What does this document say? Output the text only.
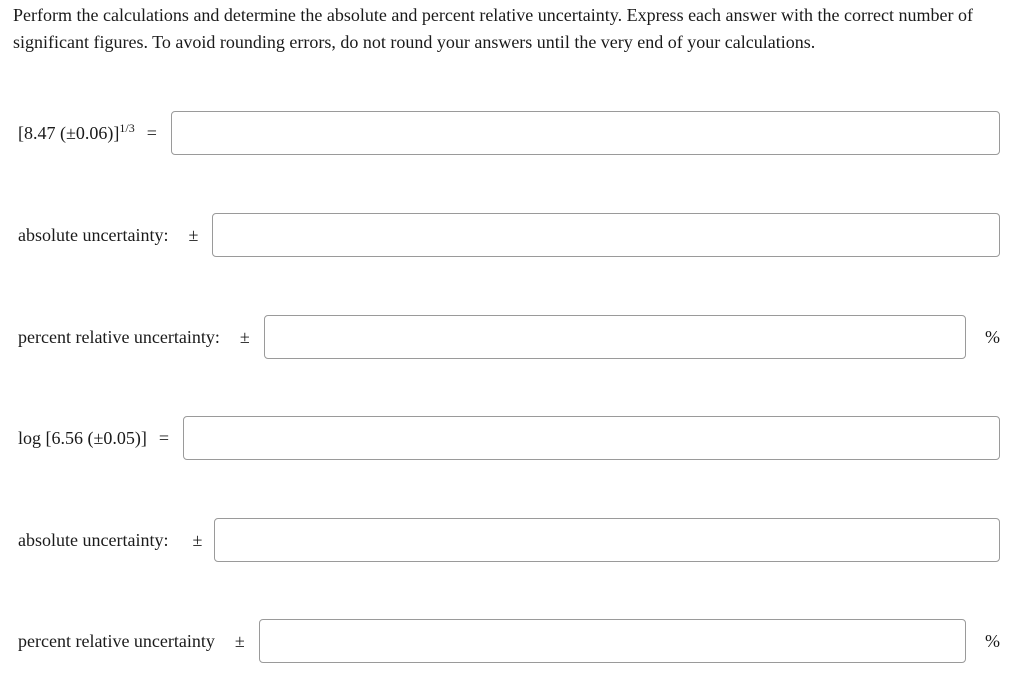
Perform the calculations and determine the absolute and percent relative uncertainty. Express each answer with the correct number of significant figures. To avoid rounding errors, do not round your answers until the very end of your calculations.
[8.47 (±0.06)]$^{1/3}$ =
absolute uncertainty: ±
percent relative uncertainty: ±	%
log [6.56 (±0.05)] =
absolute uncertainty: ±
percent relative uncertainty ±	%
